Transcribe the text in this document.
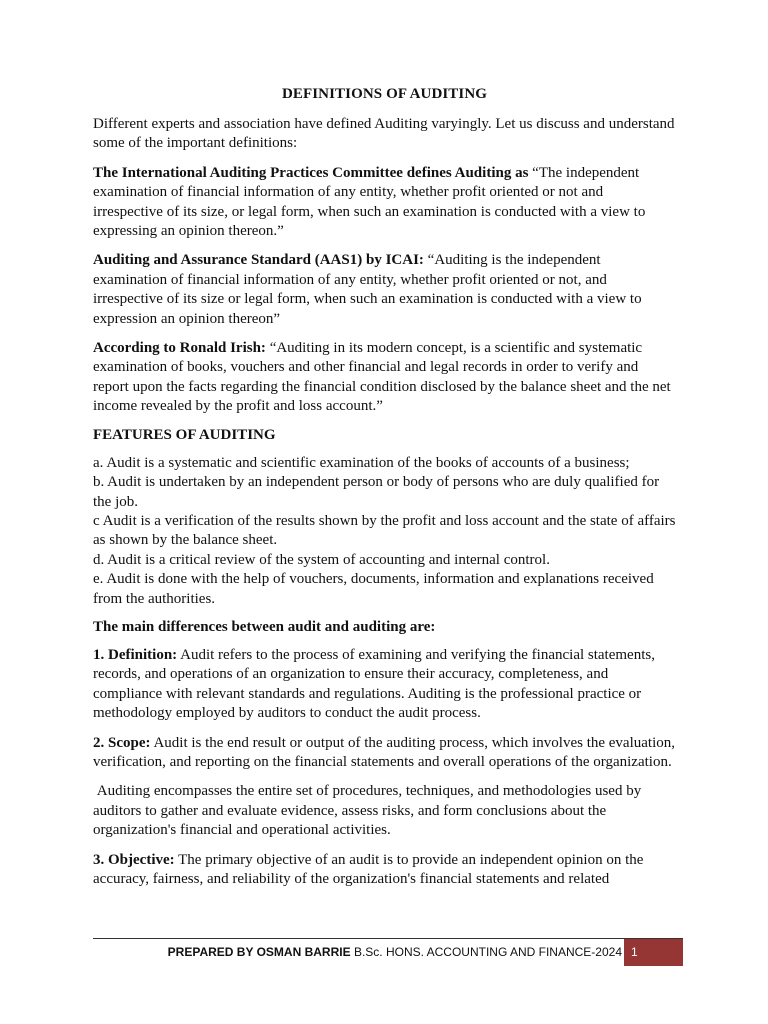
DEFINITIONS OF AUDITING

Different experts and association have defined Auditing varyingly. Let us discuss and understand some of the important definitions:

The International Auditing Practices Committee defines Auditing as “The independent examination of financial information of any entity, whether profit oriented or not and irrespective of its size, or legal form, when such an examination is conducted with a view to expressing an opinion thereon.”

Auditing and Assurance Standard (AAS1) by ICAI: “Auditing is the independent examination of financial information of any entity, whether profit oriented or not, and irrespective of its size or legal form, when such an examination is conducted with a view to expression an opinion thereon”

According to Ronald Irish: “Auditing in its modern concept, is a scientific and systematic examination of books, vouchers and other financial and legal records in order to verify and report upon the facts regarding the financial condition disclosed by the balance sheet and the net income revealed by the profit and loss account.”

FEATURES OF AUDITING
a. Audit is a systematic and scientific examination of the books of accounts of a business;
b. Audit is undertaken by an independent person or body of persons who are duly qualified for the job.
c Audit is a verification of the results shown by the profit and loss account and the state of affairs as shown by the balance sheet.
d. Audit is a critical review of the system of accounting and internal control.
e. Audit is done with the help of vouchers, documents, information and explanations received from the authorities.
The main differences between audit and auditing are:

1. Definition: Audit refers to the process of examining and verifying the financial statements, records, and operations of an organization to ensure their accuracy, completeness, and compliance with relevant standards and regulations. Auditing is the professional practice or methodology employed by auditors to conduct the audit process.

2. Scope: Audit is the end result or output of the auditing process, which involves the evaluation, verification, and reporting on the financial statements and overall operations of the organization.

Auditing encompasses the entire set of procedures, techniques, and methodologies used by auditors to gather and evaluate evidence, assess risks, and form conclusions about the organization's financial and operational activities.

3. Objective: The primary objective of an audit is to provide an independent opinion on the accuracy, fairness, and reliability of the organization's financial statements and related

PREPARED BY OSMAN BARRIE B.Sc. HONS. ACCOUNTING AND FINANCE-2024 1
